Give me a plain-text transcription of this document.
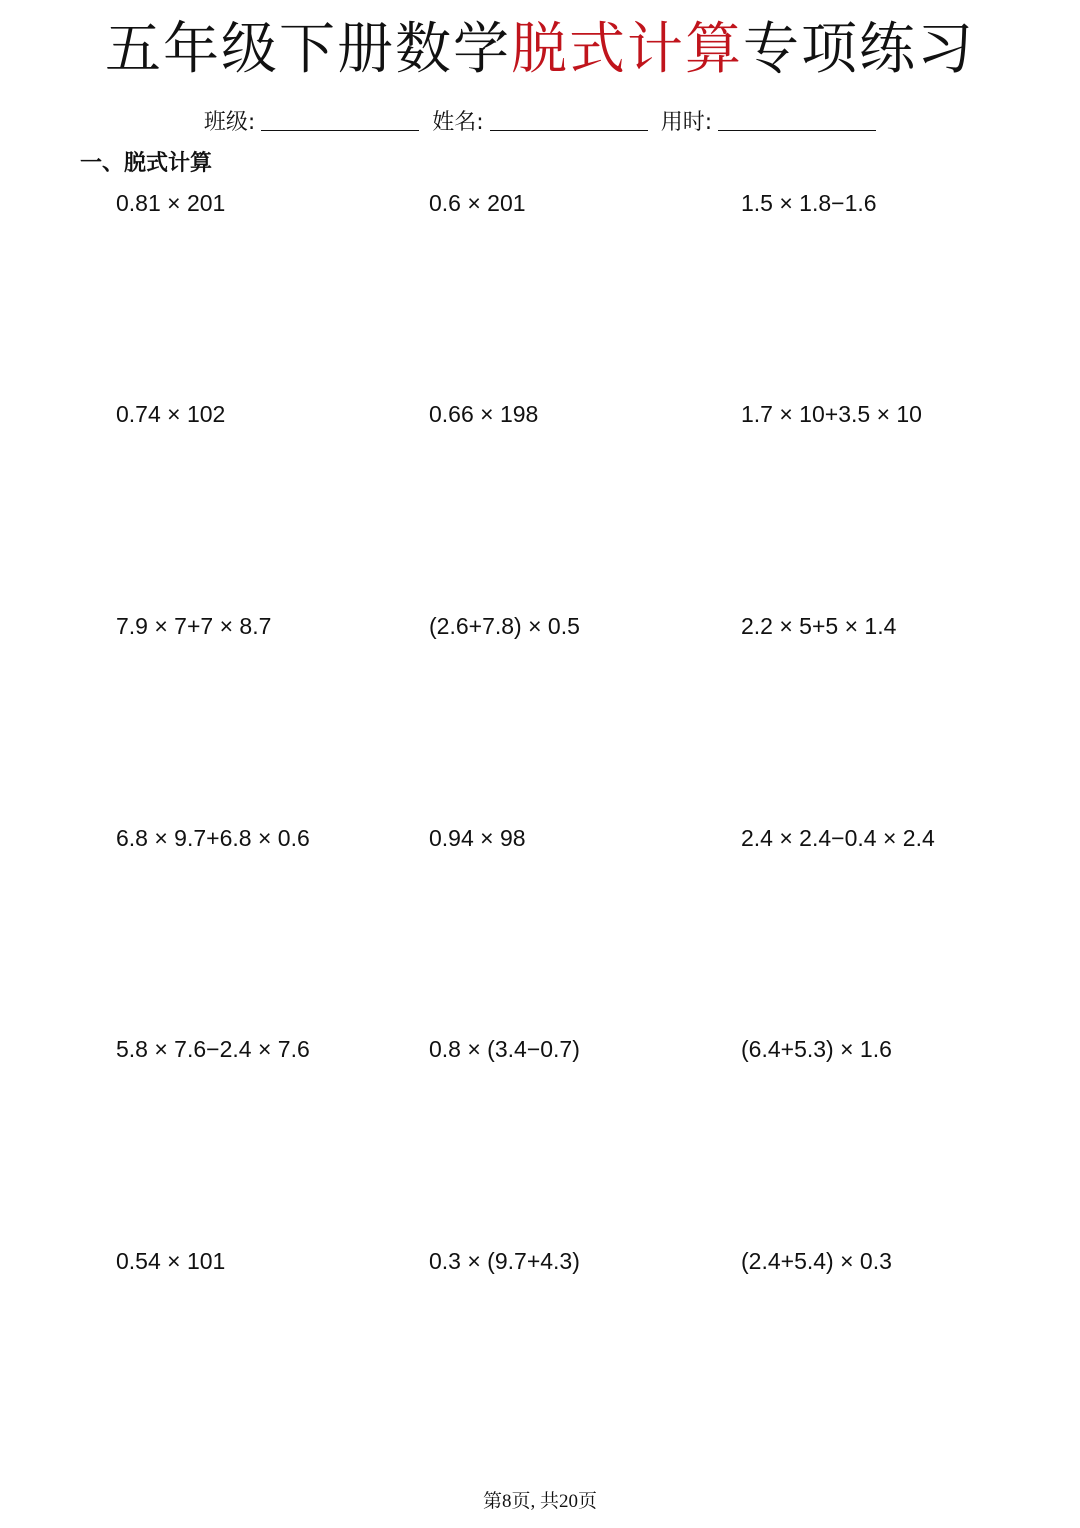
五年级下册数学脱式计算专项练习
班级:	姓名:	用时:
一、脱式计算
0.81 × 201	0.6 × 201	1.5 × 1.8−1.6
0.74 × 102	0.66 × 198	1.7 × 10+3.5 × 10
7.9 × 7+7 × 8.7	(2.6+7.8) × 0.5	2.2 × 5+5 × 1.4
6.8 × 9.7+6.8 × 0.6	0.94 × 98	2.4 × 2.4−0.4 × 2.4
5.8 × 7.6−2.4 × 7.6	0.8 × (3.4−0.7)	(6.4+5.3) × 1.6
0.54 × 101	0.3 × (9.7+4.3)	(2.4+5.4) × 0.3
第8页, 共20页
